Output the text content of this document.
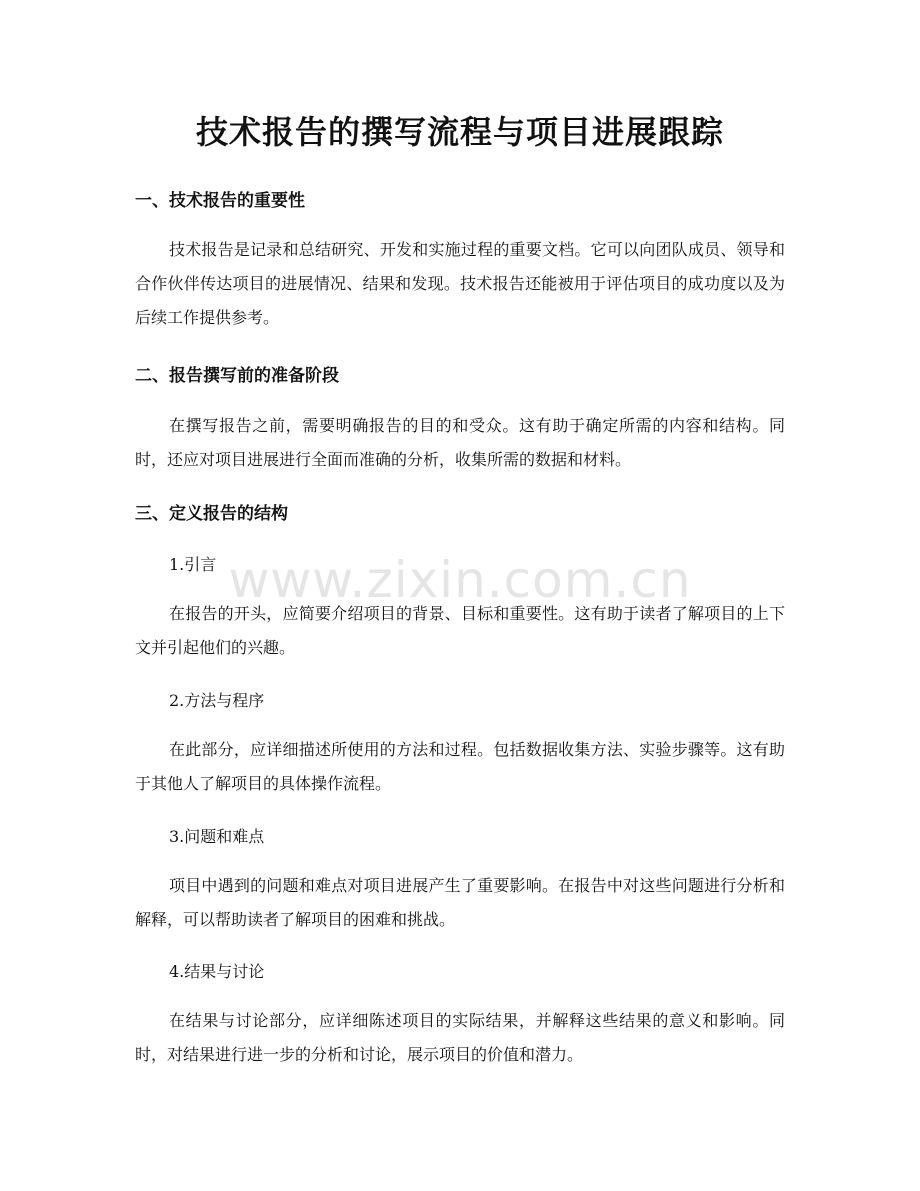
技术报告的撰写流程与项目进展跟踪
一、技术报告的重要性

技术报告是记录和总结研究、开发和实施过程的重要文档。它可以向团队成员、领导和合作伙伴传达项目的进展情况、结果和发现。技术报告还能被用于评估项目的成功度以及为后续工作提供参考。

二、报告撰写前的准备阶段

在撰写报告之前，需要明确报告的目的和受众。这有助于确定所需的内容和结构。同时，还应对项目进展进行全面而准确的分析，收集所需的数据和材料。

三、定义报告的结构
1.引言

在报告的开头，应简要介绍项目的背景、目标和重要性。这有助于读者了解项目的上下文并引起他们的兴趣。

2.方法与程序

在此部分，应详细描述所使用的方法和过程。包括数据收集方法、实验步骤等。这有助于其他人了解项目的具体操作流程。

3.问题和难点

项目中遇到的问题和难点对项目进展产生了重要影响。在报告中对这些问题进行分析和解释，可以帮助读者了解项目的困难和挑战。

4.结果与讨论

在结果与讨论部分，应详细陈述项目的实际结果，并解释这些结果的意义和影响。同时，对结果进行进一步的分析和讨论，展示项目的价值和潜力。

www.zixin.com.cn
